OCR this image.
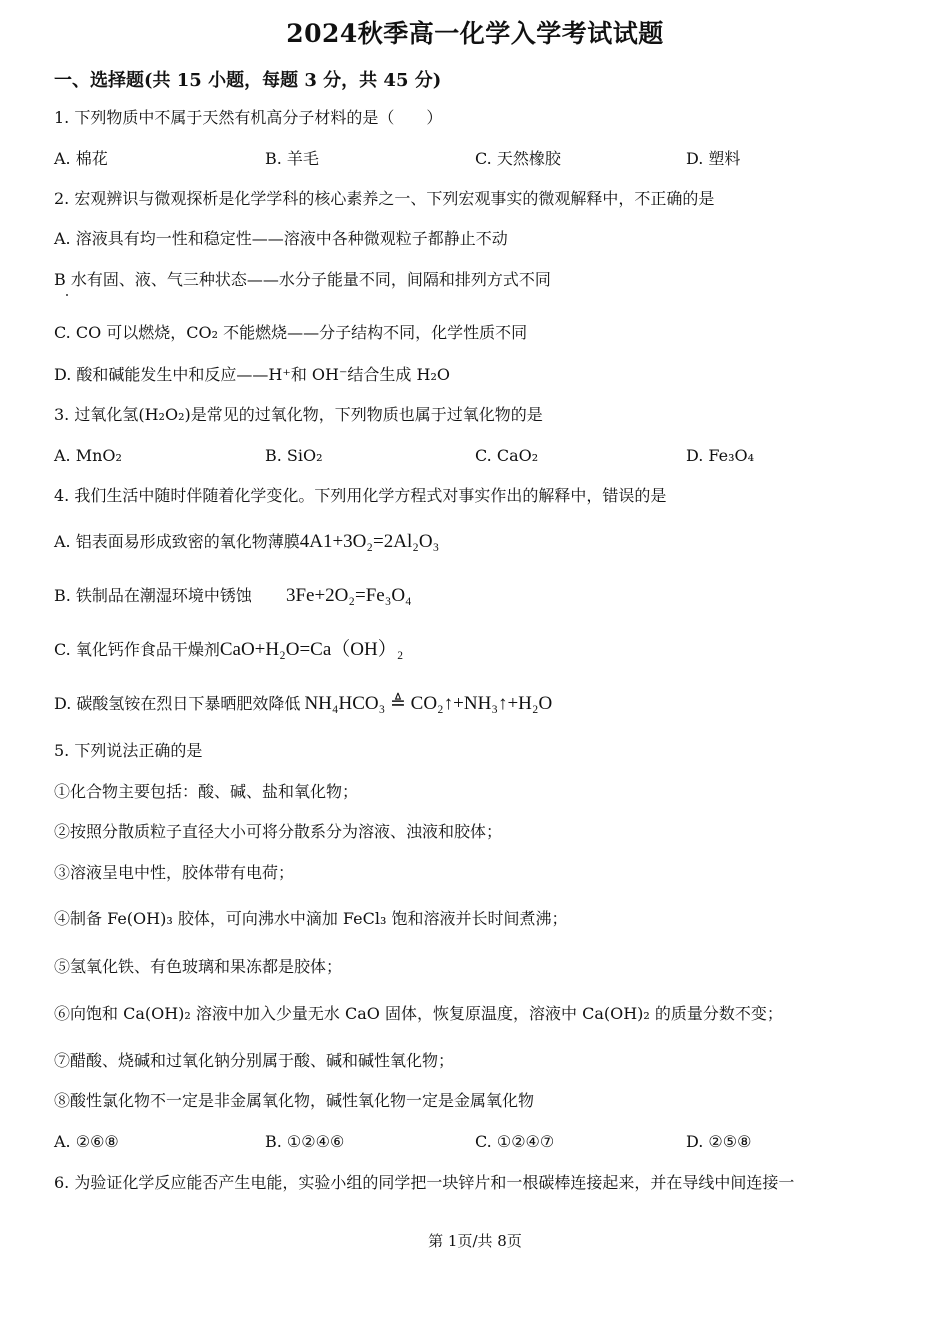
2024秋季高一化学入学考试试题
一、选择题(共 15 小题，每题 3 分，共 45 分)
1. 下列物质中不属于天然有机高分子材料的是（　　）
A. 棉花	B. 羊毛	C. 天然橡胶	D. 塑料
2. 宏观辨识与微观探析是化学学科的核心素养之一、下列宏观事实的微观解释中，不正确的是
A. 溶液具有均一性和稳定性——溶液中各种微观粒子都静止不动
B 水有固、液、气三种状态——水分子能量不同，间隔和排列方式不同
C. CO 可以燃烧，CO₂ 不能燃烧——分子结构不同，化学性质不同
D. 酸和碱能发生中和反应——H⁺和 OH⁻结合生成 H₂O
3. 过氧化氢(H₂O₂)是常见的过氧化物，下列物质也属于过氧化物的是
A. MnO₂	B. SiO₂	C. CaO₂	D. Fe₃O₄
4. 我们生活中随时伴随着化学变化。下列用化学方程式对事实作出的解释中，错误的是
A. 铝表面易形成致密的氧化物薄膜4A1+3O₂=2Al₂O₃
B. 铁制品在潮湿环境中锈蚀 3Fe+2O₂=Fe₃O₄
C. 氧化钙作食品干燥剂CaO+H₂O=Ca（OH）₂
D. 碳酸氢铵在烈日下暴晒肥效降低 NH₄HCO₃ ≜ CO₂↑+NH₃↑+H₂O
5. 下列说法正确的是
①化合物主要包括：酸、碱、盐和氧化物；
②按照分散质粒子直径大小可将分散系分为溶液、浊液和胶体；
③溶液呈电中性，胶体带有电荷；
④制备 Fe(OH)₃ 胶体，可向沸水中滴加 FeCl₃ 饱和溶液并长时间煮沸；
⑤氢氧化铁、有色玻璃和果冻都是胶体；
⑥向饱和 Ca(OH)₂ 溶液中加入少量无水 CaO 固体，恢复原温度，溶液中 Ca(OH)₂ 的质量分数不变；
⑦醋酸、烧碱和过氧化钠分别属于酸、碱和碱性氧化物；
⑧酸性氯化物不一定是非金属氧化物，碱性氧化物一定是金属氧化物
A. ②⑥⑧	B. ①②④⑥	C. ①②④⑦	D. ②⑤⑧
6. 为验证化学反应能否产生电能，实验小组的同学把一块锌片和一根碳棒连接起来，并在导线中间连接一
第 1页/共 8页
